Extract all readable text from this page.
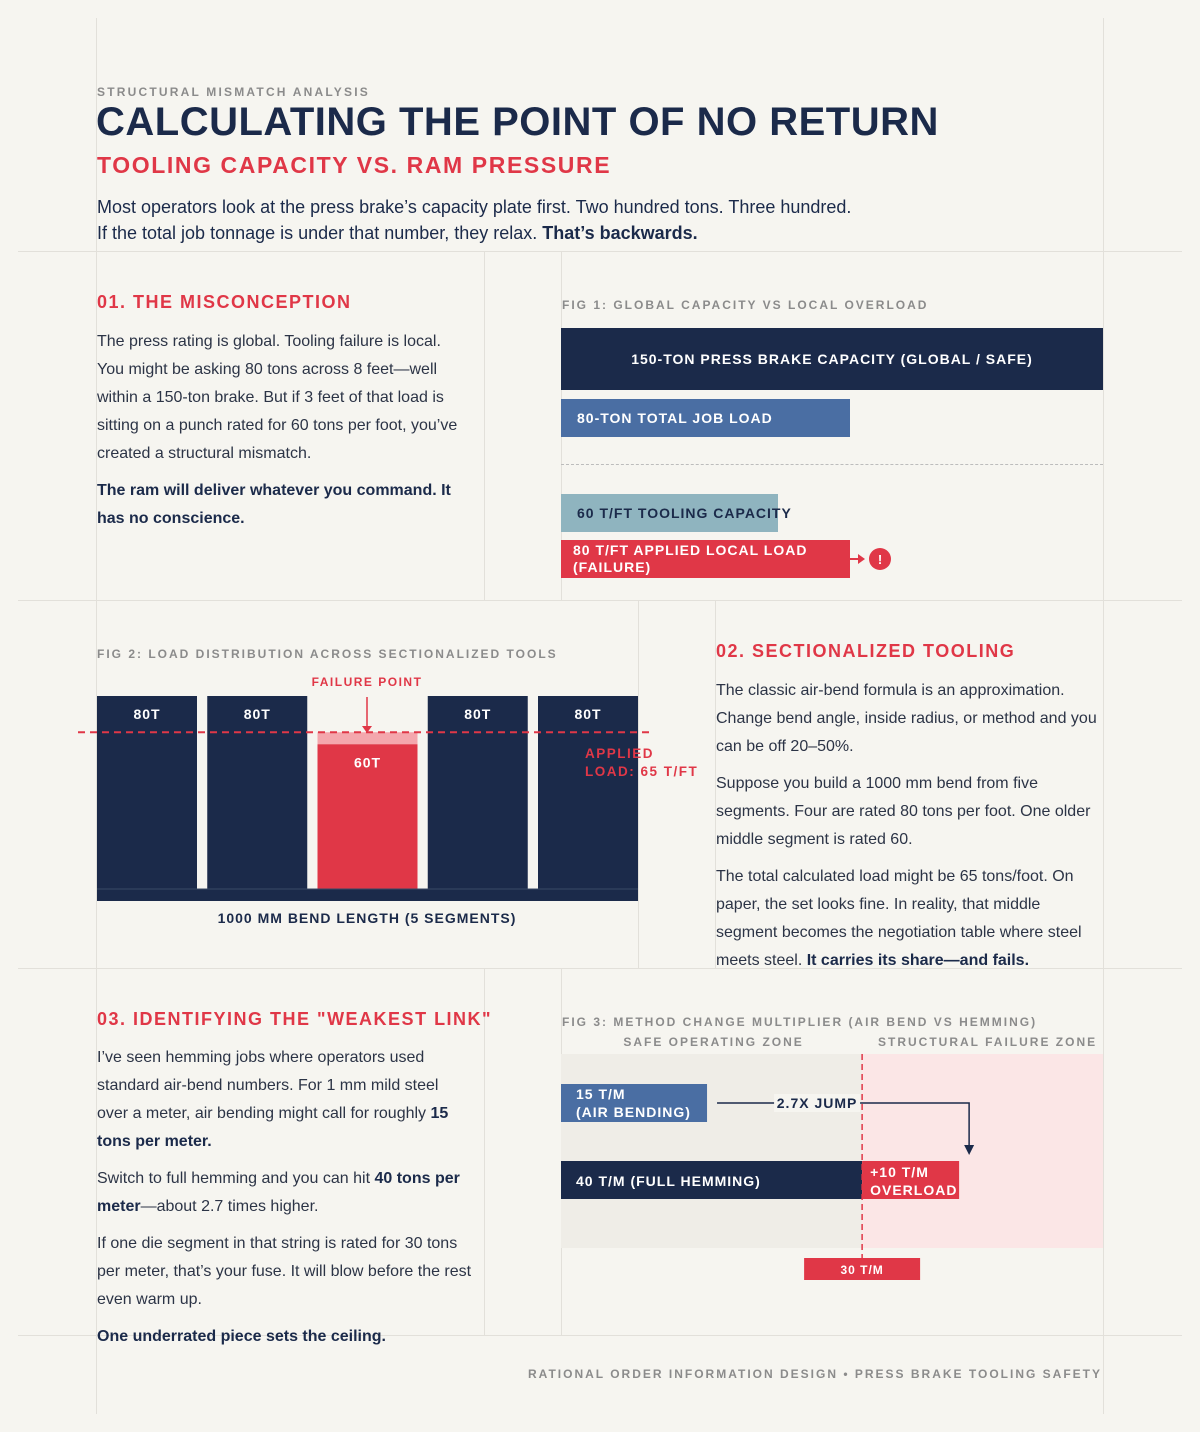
STRUCTURAL MISMATCH ANALYSIS
CALCULATING THE POINT OF NO RETURN
TOOLING CAPACITY VS. RAM PRESSURE
Most operators look at the press brake’s capacity plate first. Two hundred tons. Three hundred.
If the total job tonnage is under that number, they relax. That’s backwards.
01. THE MISCONCEPTION

The press rating is global. Tooling failure is local. You might be asking 80 tons across 8 feet—well within a 150-ton brake. But if 3 feet of that load is sitting on a punch rated for 60 tons per foot, you’ve created a structural mismatch.

The ram will deliver whatever you command. It has no conscience.

FIG 1: GLOBAL CAPACITY VS LOCAL OVERLOAD
150-TON PRESS BRAKE CAPACITY (GLOBAL / SAFE)
80-TON TOTAL JOB LOAD
60 T/FT TOOLING CAPACITY
80 T/FT APPLIED LOCAL LOAD
(FAILURE)	!
FIG 2: LOAD DISTRIBUTION ACROSS SECTIONALIZED TOOLS
80T	80T
60T
80T	80T
FAILURE POINT
APPLIED
LOAD: 65 T/FT
1000 MM BEND LENGTH (5 SEGMENTS)
02. SECTIONALIZED TOOLING

The classic air-bend formula is an approximation. Change bend angle, inside radius, or method and you can be off 20–50%.

Suppose you build a 1000 mm bend from five segments. Four are rated 80 tons per foot. One older middle segment is rated 60.

The total calculated load might be 65 tons/foot. On paper, the set looks fine. In reality, that middle segment becomes the negotiation table where steel meets steel. It carries its share—and fails.

03. IDENTIFYING THE "WEAKEST LINK"

I’ve seen hemming jobs where operators used standard air-bend numbers. For 1 mm mild steel over a meter, air bending might call for roughly 15 tons per meter.

Switch to full hemming and you can hit 40 tons per meter—about 2.7 times higher.

If one die segment in that string is rated for 30 tons per meter, that’s your fuse. It will blow before the rest even warm up.

One underrated piece sets the ceiling.

FIG 3: METHOD CHANGE MULTIPLIER (AIR BEND VS HEMMING)
SAFE OPERATING ZONE	STRUCTURAL FAILURE ZONE
15 T/M
(AIR BENDING)
40 T/M (FULL HEMMING)
+10 T/M
OVERLOAD
2.7X JUMP
30 T/M
RATIONAL ORDER INFORMATION DESIGN • PRESS BRAKE TOOLING SAFETY
